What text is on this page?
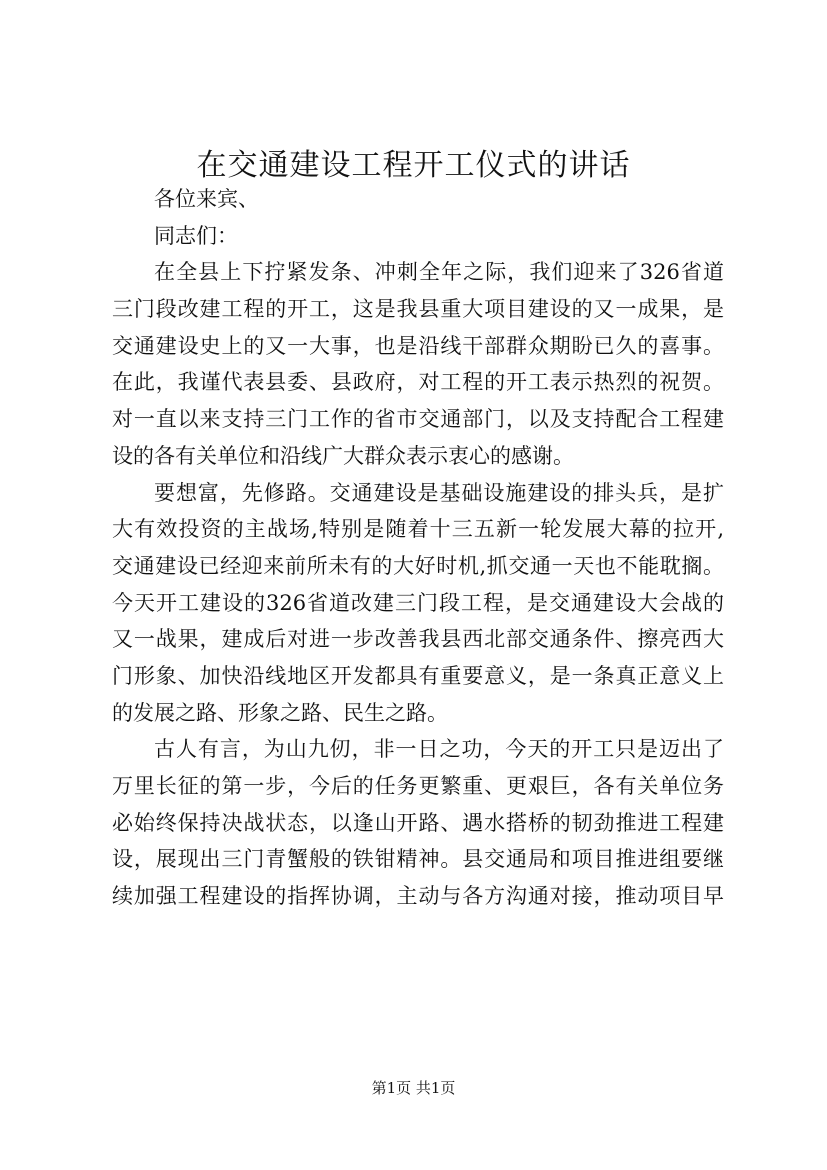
在交通建设工程开工仪式的讲话
各位来宾、
同志们：
在全县上下拧紧发条、冲刺全年之际，我们迎来了326省道
三门段改建工程的开工，这是我县重大项目建设的又一成果，是
交通建设史上的又一大事，也是沿线干部群众期盼已久的喜事。
在此，我谨代表县委、县政府，对工程的开工表示热烈的祝贺。
对一直以来支持三门工作的省市交通部门，以及支持配合工程建
设的各有关单位和沿线广大群众表示衷心的感谢。
要想富，先修路。交通建设是基础设施建设的排头兵，是扩
大有效投资的主战场,特别是随着十三五新一轮发展大幕的拉开,
交通建设已经迎来前所未有的大好时机,抓交通一天也不能耽搁。
今天开工建设的326省道改建三门段工程，是交通建设大会战的
又一战果，建成后对进一步改善我县西北部交通条件、擦亮西大
门形象、加快沿线地区开发都具有重要意义，是一条真正意义上
的发展之路、形象之路、民生之路。
古人有言，为山九仞，非一日之功，今天的开工只是迈出了
万里长征的第一步，今后的任务更繁重、更艰巨，各有关单位务
必始终保持决战状态，以逢山开路、遇水搭桥的韧劲推进工程建
设，展现出三门青蟹般的铁钳精神。县交通局和项目推进组要继
续加强工程建设的指挥协调，主动与各方沟通对接，推动项目早
第1页 共1页
